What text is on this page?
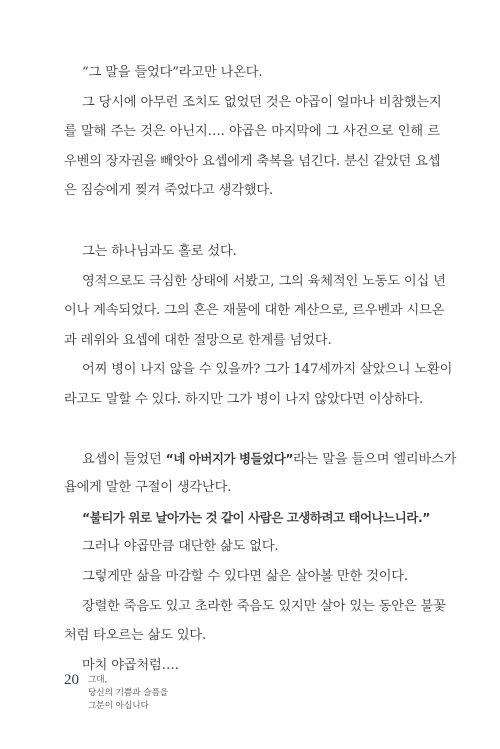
“그 말을 들었다”라고만 나온다.
그 당시에 아무런 조치도 없었던 것은 야곱이 얼마나 비참했는지
를 말해 주는 것은 아닌지…. 야곱은 마지막에 그 사건으로 인해 르
우벤의 장자권을 빼앗아 요셉에게 축복을 넘긴다. 분신 같았던 요셉
은 짐승에게 찢겨 죽었다고 생각했다.
그는 하나님과도 홀로 섰다.
영적으로도 극심한 상태에 서봤고, 그의 육체적인 노동도 이십 년
이나 계속되었다. 그의 혼은 재물에 대한 계산으로, 르우벤과 시므온
과 레위와 요셉에 대한 절망으로 한계를 넘었다.
어찌 병이 나지 않을 수 있을까? 그가 147세까지 살았으니 노환이
라고도 말할 수 있다. 하지만 그가 병이 나지 않았다면 이상하다.
요셉이 들었던 “네 아버지가 병들었다”라는 말을 들으며 엘리바스가
욥에게 말한 구절이 생각난다.
“불티가 위로 날아가는 것 같이 사람은 고생하려고 태어나느니라.”
그러나 야곱만큼 대단한 삶도 없다.
그렇게만 삶을 마감할 수 있다면 삶은 살아볼 만한 것이다.
장렬한 죽음도 있고 초라한 죽음도 있지만 살아 있는 동안은 불꽃
처럼 타오르는 삶도 있다.
마치 야곱처럼….
20 그대,
당신의 기쁨과 슬픔을
그분이 아십니다
